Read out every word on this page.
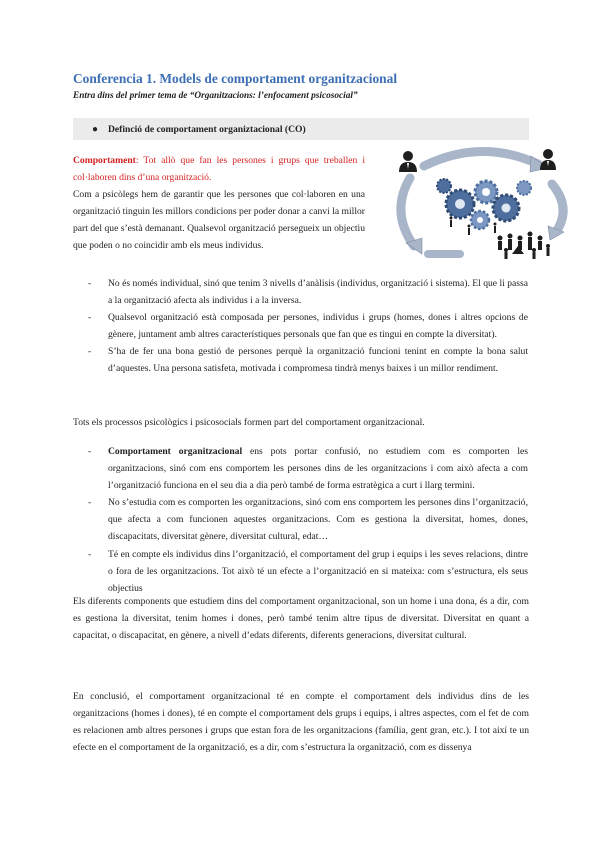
Conferencia 1. Models de comportament organitzacional
Entra dins del primer tema de “Organitzacions: l’enfocament psicosocial”
●	Definció de comportament organiztacional (CO)
Comportament: Tot allò que fan les persones i grups que treballen i col·laboren dins d’una organització.
Com a psicòlegs hem de garantir que les persones que col·laboren en una organització tinguin les millors condicions per poder donar a canvi la millor part del que s’està demanant. Qualsevol organització persegueix un objectiu que poden o no coincidir amb els meus individus.
- No és només individual, sinó que tenim 3 nivells d’anàlisis (individus, organització i sistema). El que li passa a la organització afecta als individus i a la inversa.
- Qualsevol organització està composada per persones, individus i grups (homes, dones i altres opcions de gènere, juntament amb altres característiques personals que fan que es tingui en compte la diversitat).
- S’ha de fer una bona gestió de persones perquè la organització funcioni tenint en compte la bona salut d’aquestes. Una persona satisfeta, motivada i compromesa tindrà menys baixes i un millor rendiment.

Tots els processos psicològics i psicosocials formen part del comportament organitzacional.

- Comportament organitzacional ens pots portar confusió, no estudiem com es comporten les organitzacions, sinó com ens comportem les persones dins de les organitzacions i com això afecta a com l’organització funciona en el seu dia a dia però també de forma estratègica a curt i llarg termini.
- No s’estudia com es comporten les organitzacions, sinó com ens comportem les persones dins l’organització, que afecta a com funcionen aquestes organitzacions. Com es gestiona la diversitat, homes, dones, discapacitats, diversitat gènere, diversitat cultural, edat…
- Té en compte els individus dins l’organització, el comportament del grup i equips i les seves relacions, dintre o fora de les organitzacions. Tot això té un efecte a l’organització en si mateixa: com s’estructura, els seus objectius

Els diferents components que estudiem dins del comportament organitzacional, son un home i una dona, és a dir, com es gestiona la diversitat, tenim homes i dones, però també tenim altre tipus de diversitat. Diversitat en quant a capacitat, o discapacitat, en gènere, a nivell d’edats diferents, diferents generacions, diversitat cultural.

En conclusió, el comportament organitzacional té en compte el comportament dels individus dins de les organitzacions (homes i dones), té en compte el comportament dels grups i equips, i altres aspectes, com el fet de com es relacionen amb altres persones i grups que estan fora de les organitzacions (família, gent gran, etc.). I tot així te un efecte en el comportament de la organització, es a dir, com s’estructura la organització, com es dissenya
